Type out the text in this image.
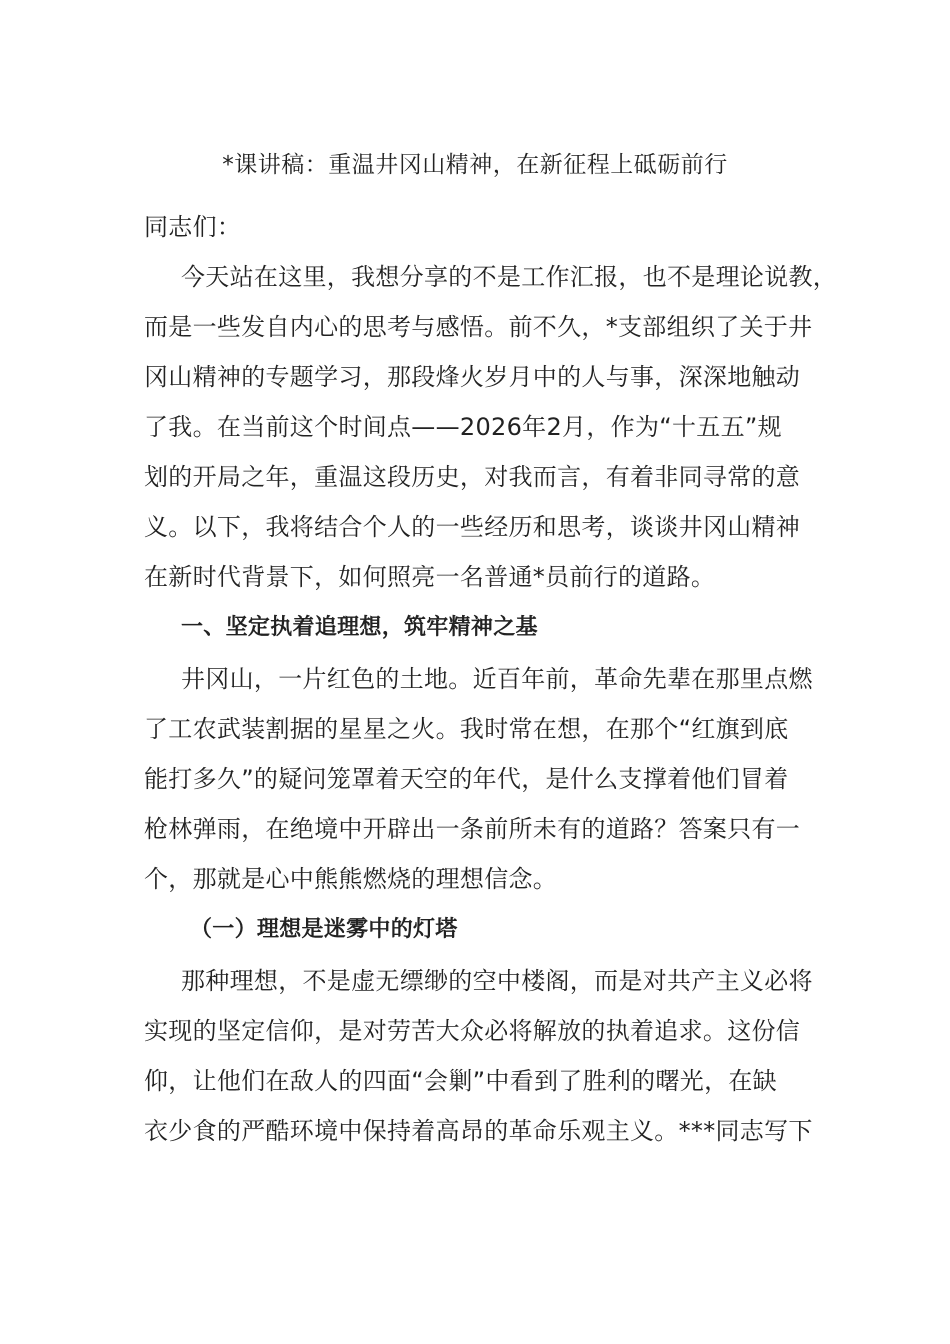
*课讲稿：重温井冈山精神，在新征程上砥砺前行
同志们：
今天站在这里，我想分享的不是工作汇报，也不是理论说教，
而是一些发自内心的思考与感悟。前不久，*支部组织了关于井
冈山精神的专题学习，那段烽火岁月中的人与事，深深地触动
了我。在当前这个时间点——2026年2月，作为“十五五”规
划的开局之年，重温这段历史，对我而言，有着非同寻常的意
义。以下，我将结合个人的一些经历和思考，谈谈井冈山精神
在新时代背景下，如何照亮一名普通*员前行的道路。
一、坚定执着追理想，筑牢精神之基
井冈山，一片红色的土地。近百年前，革命先辈在那里点燃
了工农武装割据的星星之火。我时常在想，在那个“红旗到底
能打多久”的疑问笼罩着天空的年代，是什么支撑着他们冒着
枪林弹雨，在绝境中开辟出一条前所未有的道路？答案只有一
个，那就是心中熊熊燃烧的理想信念。
（一）理想是迷雾中的灯塔
那种理想，不是虚无缥缈的空中楼阁，而是对共产主义必将
实现的坚定信仰，是对劳苦大众必将解放的执着追求。这份信
仰，让他们在敌人的四面“会剿”中看到了胜利的曙光，在缺
衣少食的严酷环境中保持着高昂的革命乐观主义。***同志写下
